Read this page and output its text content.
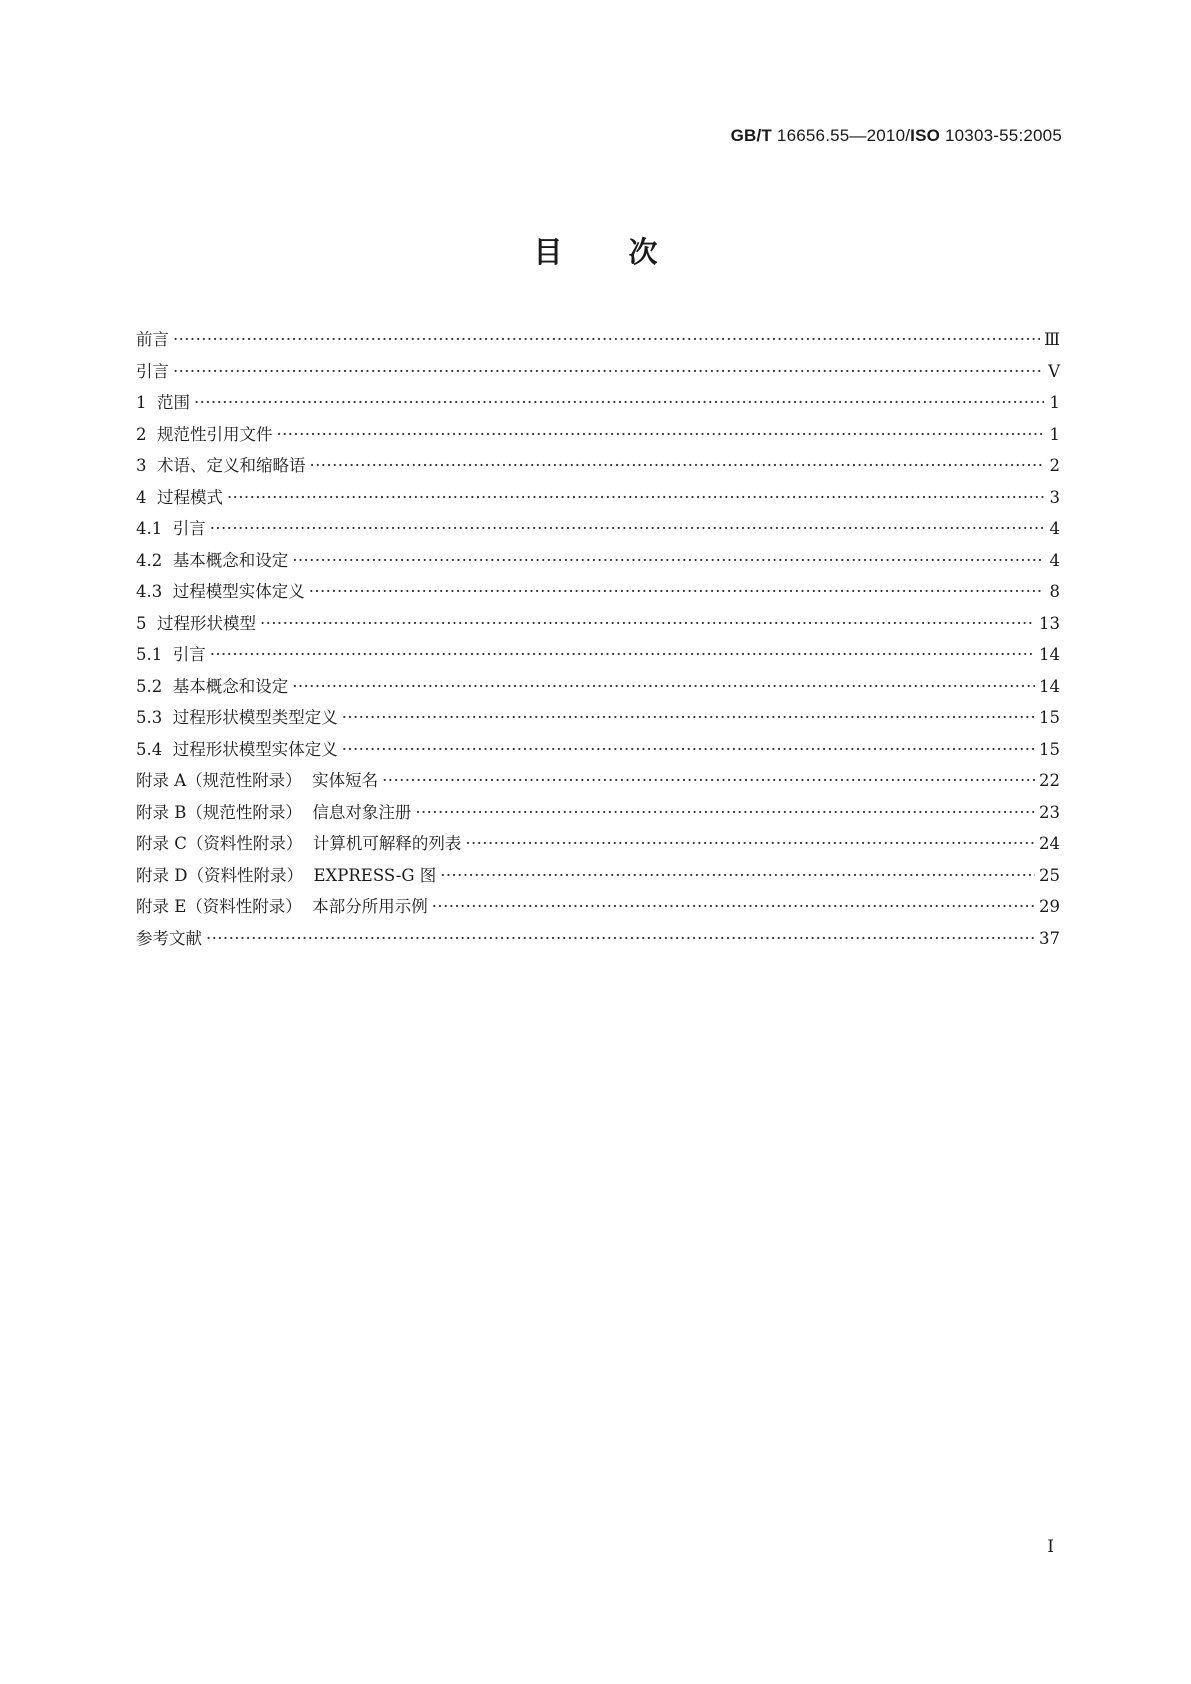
GB/T 16656.55—2010/ISO 10303-55:2005
目次
前言 ·····	Ⅲ
引言 ·····	Ⅴ
1  范围 ·····	1
2  规范性引用文件 ·····	1
3  术语、定义和缩略语 ·····	2
4  过程模式 ·····	3
4.1  引言 ·····	4
4.2  基本概念和设定 ·····	4
4.3  过程模型实体定义 ·····	8
5  过程形状模型 ·····	13
5.1  引言 ·····	14
5.2  基本概念和设定 ·····	14
5.3  过程形状模型类型定义 ·····	15
5.4  过程形状模型实体定义 ·····	15
附录 A（规范性附录）  实体短名 ·····	22
附录 B（规范性附录）  信息对象注册 ·····	23
附录 C（资料性附录）  计算机可解释的列表 ·····	24
附录 D（资料性附录）  EXPRESS-G 图 ·····	25
附录 E（资料性附录）  本部分所用示例 ·····	29
参考文献 ·····	37
Ⅰ
